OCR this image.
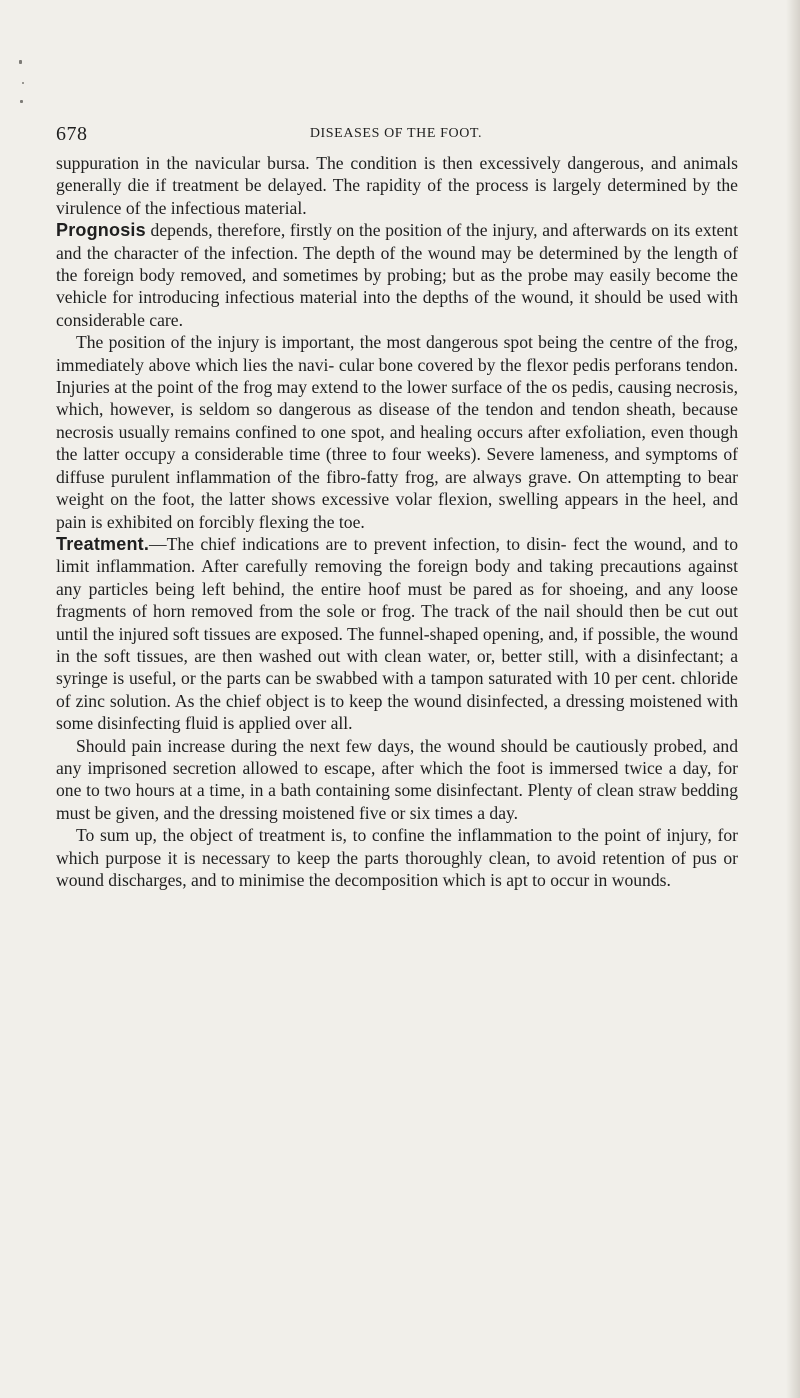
678	DISEASES OF THE FOOT.

suppuration in the navicular bursa. The condition is then excessively dangerous, and animals generally die if treatment be delayed. The rapidity of the process is largely determined by the virulence of the infectious material.

Prognosis depends, therefore, firstly on the position of the injury, and afterwards on its extent and the character of the infection. The depth of the wound may be determined by the length of the foreign body removed, and sometimes by probing; but as the probe may easily become the vehicle for introducing infectious material into the depths of the wound, it should be used with considerable care.

The position of the injury is important, the most dangerous spot being the centre of the frog, immediately above which lies the navi- cular bone covered by the flexor pedis perforans tendon. Injuries at the point of the frog may extend to the lower surface of the os pedis, causing necrosis, which, however, is seldom so dangerous as disease of the tendon and tendon sheath, because necrosis usually remains confined to one spot, and healing occurs after exfoliation, even though the latter occupy a considerable time (three to four weeks). Severe lameness, and symptoms of diffuse purulent inflammation of the fibro-fatty frog, are always grave. On attempting to bear weight on the foot, the latter shows excessive volar flexion, swelling appears in the heel, and pain is exhibited on forcibly flexing the toe.

Treatment.—The chief indications are to prevent infection, to disin- fect the wound, and to limit inflammation. After carefully removing the foreign body and taking precautions against any particles being left behind, the entire hoof must be pared as for shoeing, and any loose fragments of horn removed from the sole or frog. The track of the nail should then be cut out until the injured soft tissues are exposed. The funnel-shaped opening, and, if possible, the wound in the soft tissues, are then washed out with clean water, or, better still, with a disinfectant; a syringe is useful, or the parts can be swabbed with a tampon saturated with 10 per cent. chloride of zinc solution. As the chief object is to keep the wound disinfected, a dressing moistened with some disinfecting fluid is applied over all.

Should pain increase during the next few days, the wound should be cautiously probed, and any imprisoned secretion allowed to escape, after which the foot is immersed twice a day, for one to two hours at a time, in a bath containing some disinfectant. Plenty of clean straw bedding must be given, and the dressing moistened five or six times a day.

To sum up, the object of treatment is, to confine the inflammation to the point of injury, for which purpose it is necessary to keep the parts thoroughly clean, to avoid retention of pus or wound discharges, and to minimise the decomposition which is apt to occur in wounds.
